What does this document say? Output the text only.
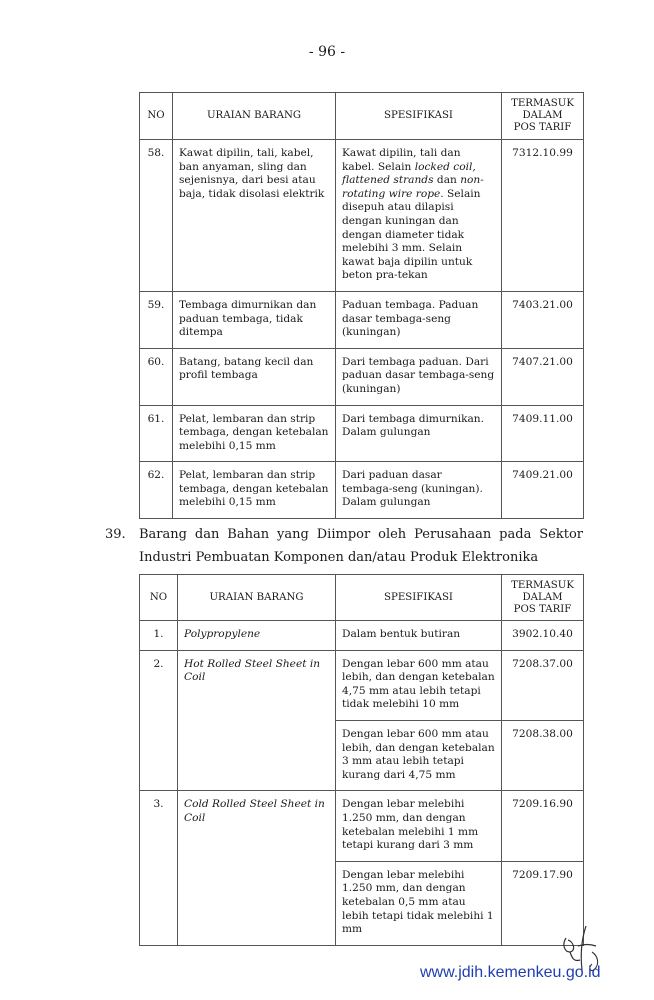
- 96 -
NO	URAIAN BARANG	SPESIFIKASI	TERMASUK
DALAM
POS TARIF

58.	Kawat dipilin, tali, kabel, ban anyaman, sling dan sejenisnya, dari besi atau baja, tidak disolasi elektrik	Kawat dipilin, tali dan kabel. Selain locked coil, flattened strands dan non-rotating wire rope. Selain disepuh atau dilapisi dengan kuningan dan dengan diameter tidak melebihi 3 mm. Selain kawat baja dipilin untuk beton pra-tekan	7312.10.99
59.	Tembaga dimurnikan dan paduan tembaga, tidak ditempa	Paduan tembaga. Paduan dasar tembaga-seng (kuningan)	7403.21.00
60.	Batang, batang kecil dan profil tembaga	Dari tembaga paduan. Dari paduan dasar tembaga-seng (kuningan)	7407.21.00
61.	Pelat, lembaran dan strip tembaga, dengan ketebalan melebihi 0,15 mm	Dari tembaga dimurnikan. Dalam gulungan	7409.11.00
62.	Pelat, lembaran dan strip tembaga, dengan ketebalan melebihi 0,15 mm	Dari paduan dasar tembaga-seng (kuningan). Dalam gulungan	7409.21.00
39. Barang dan Bahan yang Diimpor oleh Perusahaan pada Sektor Industri Pembuatan Komponen dan/atau Produk Elektronika
NO	URAIAN BARANG	SPESIFIKASI	TERMASUK
DALAM
POS TARIF

1.	Polypropylene	Dalam bentuk butiran	3902.10.40
2.	Hot Rolled Steel Sheet in Coil	Dengan lebar 600 mm atau lebih, dan dengan ketebalan 4,75 mm atau lebih tetapi tidak melebihi 10 mm	7208.37.00
		Dengan lebar 600 mm atau lebih, dan dengan ketebalan 3 mm atau lebih tetapi kurang dari 4,75 mm	7208.38.00
3.	Cold Rolled Steel Sheet in Coil	Dengan lebar melebihi 1.250 mm, dan dengan ketebalan melebihi 1 mm tetapi kurang dari 3 mm	7209.16.90
		Dengan lebar melebihi 1.250 mm, dan dengan ketebalan 0,5 mm atau lebih tetapi tidak melebihi 1 mm	7209.17.90
www.jdih.kemenkeu.go.id
